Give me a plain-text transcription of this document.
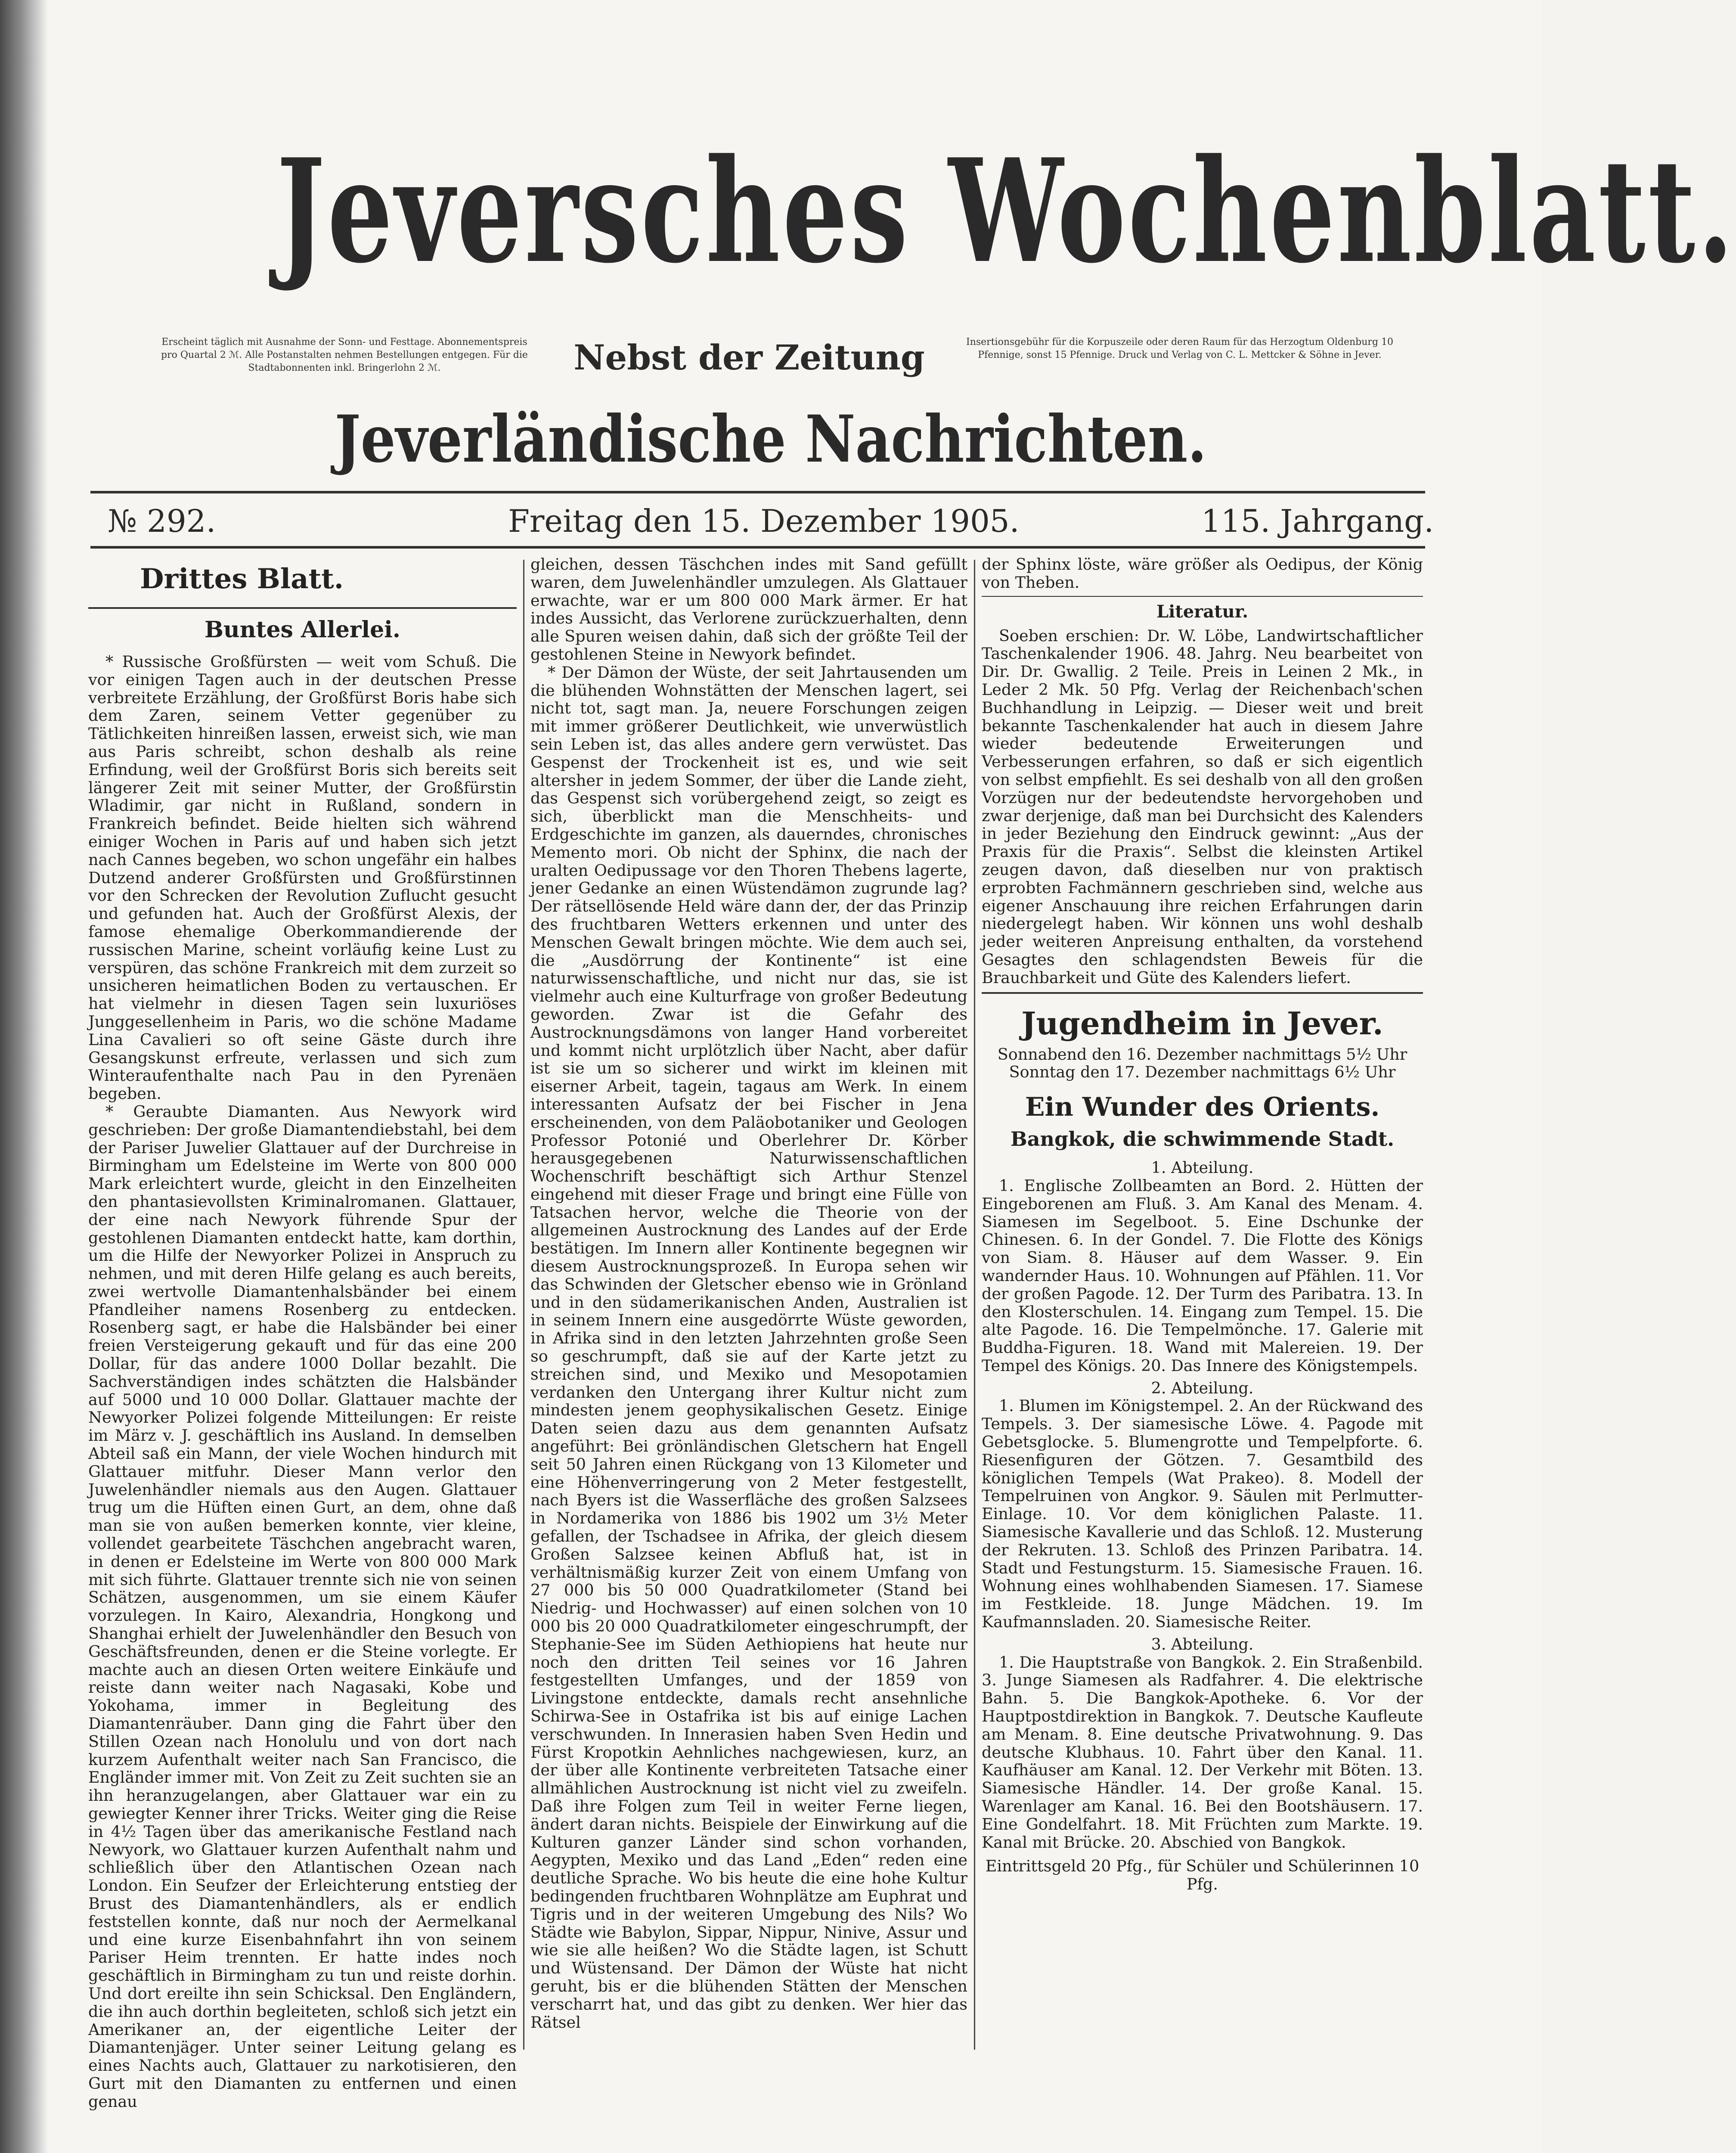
Jeversches Wochenblatt.
Erscheint täglich mit Ausnahme der Sonn- und Festtage. Abonnementspreis pro Quartal 2 ℳ. Alle Postanstalten nehmen Bestellungen entgegen. Für die Stadtabonnenten inkl. Bringerlohn 2 ℳ.	Nebst der Zeitung	Insertionsgebühr für die Korpuszeile oder deren Raum für das Herzogtum Oldenburg 10 Pfennige, sonst 15 Pfennige. Druck und Verlag von C. L. Mettcker & Söhne in Jever.
Jeverländische Nachrichten.
№ 292.	Freitag den 15. Dezember 1905.	115. Jahrgang.
Drittes Blatt.
Buntes Allerlei.

* Russische Großfürsten — weit vom Schuß. Die vor einigen Tagen auch in der deutschen Presse verbreitete Erzählung, der Großfürst Boris habe sich dem Zaren, seinem Vetter gegenüber zu Tätlichkeiten hinreißen lassen, erweist sich, wie man aus Paris schreibt, schon deshalb als reine Erfindung, weil der Großfürst Boris sich bereits seit längerer Zeit mit seiner Mutter, der Großfürstin Wladimir, gar nicht in Rußland, sondern in Frankreich befindet. Beide hielten sich während einiger Wochen in Paris auf und haben sich jetzt nach Cannes begeben, wo schon ungefähr ein halbes Dutzend anderer Großfürsten und Großfürstinnen vor den Schrecken der Revolution Zuflucht gesucht und gefunden hat. Auch der Großfürst Alexis, der famose ehemalige Oberkommandierende der russischen Marine, scheint vorläufig keine Lust zu verspüren, das schöne Frankreich mit dem zurzeit so unsicheren heimatlichen Boden zu vertauschen. Er hat vielmehr in diesen Tagen sein luxuriöses Junggesellenheim in Paris, wo die schöne Madame Lina Cavalieri so oft seine Gäste durch ihre Gesangskunst erfreute, verlassen und sich zum Winteraufenthalte nach Pau in den Pyrenäen begeben.

* Geraubte Diamanten. Aus Newyork wird geschrieben: Der große Diamantendiebstahl, bei dem der Pariser Juwelier Glattauer auf der Durchreise in Birmingham um Edelsteine im Werte von 800 000 Mark erleichtert wurde, gleicht in den Einzelheiten den phantasievollsten Kriminalromanen. Glattauer, der eine nach Newyork führende Spur der gestohlenen Diamanten entdeckt hatte, kam dorthin, um die Hilfe der Newyorker Polizei in Anspruch zu nehmen, und mit deren Hilfe gelang es auch bereits, zwei wertvolle Diamantenhalsbänder bei einem Pfandleiher namens Rosenberg zu entdecken. Rosenberg sagt, er habe die Halsbänder bei einer freien Versteigerung gekauft und für das eine 200 Dollar, für das andere 1000 Dollar bezahlt. Die Sachverständigen indes schätzten die Halsbänder auf 5000 und 10 000 Dollar. Glattauer machte der Newyorker Polizei folgende Mitteilungen: Er reiste im März v. J. geschäftlich ins Ausland. In demselben Abteil saß ein Mann, der viele Wochen hindurch mit Glattauer mitfuhr. Dieser Mann verlor den Juwelenhändler niemals aus den Augen. Glattauer trug um die Hüften einen Gurt, an dem, ohne daß man sie von außen bemerken konnte, vier kleine, vollendet gearbeitete Täschchen angebracht waren, in denen er Edelsteine im Werte von 800 000 Mark mit sich führte. Glattauer trennte sich nie von seinen Schätzen, ausgenommen, um sie einem Käufer vorzulegen. In Kairo, Alexandria, Hongkong und Shanghai erhielt der Juwelenhändler den Besuch von Geschäftsfreunden, denen er die Steine vorlegte. Er machte auch an diesen Orten weitere Einkäufe und reiste dann weiter nach Nagasaki, Kobe und Yokohama, immer in Begleitung des Diamantenräuber. Dann ging die Fahrt über den Stillen Ozean nach Honolulu und von dort nach kurzem Aufenthalt weiter nach San Francisco, die Engländer immer mit. Von Zeit zu Zeit suchten sie an ihn heranzugelangen, aber Glattauer war ein zu gewiegter Kenner ihrer Tricks. Weiter ging die Reise in 4½ Tagen über das amerikanische Festland nach Newyork, wo Glattauer kurzen Aufenthalt nahm und schließlich über den Atlantischen Ozean nach London. Ein Seufzer der Erleichterung entstieg der Brust des Diamantenhändlers, als er endlich feststellen konnte, daß nur noch der Aermelkanal und eine kurze Eisenbahnfahrt ihn von seinem Pariser Heim trennten. Er hatte indes noch geschäftlich in Birmingham zu tun und reiste dorhin. Und dort ereilte ihn sein Schicksal. Den Engländern, die ihn auch dorthin begleiteten, schloß sich jetzt ein Amerikaner an, der eigentliche Leiter der Diamantenjäger. Unter seiner Leitung gelang es eines Nachts auch, Glattauer zu narkotisieren, den Gurt mit den Diamanten zu entfernen und einen genau

gleichen, dessen Täschchen indes mit Sand gefüllt waren, dem Juwelenhändler umzulegen. Als Glattauer erwachte, war er um 800 000 Mark ärmer. Er hat indes Aussicht, das Verlorene zurückzuerhalten, denn alle Spuren weisen dahin, daß sich der größte Teil der gestohlenen Steine in Newyork befindet.

* Der Dämon der Wüste, der seit Jahrtausenden um die blühenden Wohnstätten der Menschen lagert, sei nicht tot, sagt man. Ja, neuere Forschungen zeigen mit immer größerer Deutlichkeit, wie unverwüstlich sein Leben ist, das alles andere gern verwüstet. Das Gespenst der Trockenheit ist es, und wie seit altersher in jedem Sommer, der über die Lande zieht, das Gespenst sich vorübergehend zeigt, so zeigt es sich, überblickt man die Menschheits- und Erdgeschichte im ganzen, als dauerndes, chronisches Memento mori. Ob nicht der Sphinx, die nach der uralten Oedipussage vor den Thoren Thebens lagerte, jener Gedanke an einen Wüstendämon zugrunde lag? Der rätsellösende Held wäre dann der, der das Prinzip des fruchtbaren Wetters erkennen und unter des Menschen Gewalt bringen möchte. Wie dem auch sei, die „Ausdörrung der Kontinente“ ist eine naturwissenschaftliche, und nicht nur das, sie ist vielmehr auch eine Kulturfrage von großer Bedeutung geworden. Zwar ist die Gefahr des Austrocknungsdämons von langer Hand vorbereitet und kommt nicht urplötzlich über Nacht, aber dafür ist sie um so sicherer und wirkt im kleinen mit eiserner Arbeit, tagein, tagaus am Werk. In einem interessanten Aufsatz der bei Fischer in Jena erscheinenden, von dem Paläobotaniker und Geologen Professor Potonié und Oberlehrer Dr. Körber herausgegebenen Naturwissenschaftlichen Wochenschrift beschäftigt sich Arthur Stenzel eingehend mit dieser Frage und bringt eine Fülle von Tatsachen hervor, welche die Theorie von der allgemeinen Austrocknung des Landes auf der Erde bestätigen. Im Innern aller Kontinente begegnen wir diesem Austrocknungsprozeß. In Europa sehen wir das Schwinden der Gletscher ebenso wie in Grönland und in den südamerikanischen Anden, Australien ist in seinem Innern eine ausgedörrte Wüste geworden, in Afrika sind in den letzten Jahrzehnten große Seen so geschrumpft, daß sie auf der Karte jetzt zu streichen sind, und Mexiko und Mesopotamien verdanken den Untergang ihrer Kultur nicht zum mindesten jenem geophysikalischen Gesetz. Einige Daten seien dazu aus dem genannten Aufsatz angeführt: Bei grönländischen Gletschern hat Engell seit 50 Jahren einen Rückgang von 13 Kilometer und eine Höhenverringerung von 2 Meter festgestellt, nach Byers ist die Wasserfläche des großen Salzsees in Nordamerika von 1886 bis 1902 um 3½ Meter gefallen, der Tschadsee in Afrika, der gleich diesem Großen Salzsee keinen Abfluß hat, ist in verhältnismäßig kurzer Zeit von einem Umfang von 27 000 bis 50 000 Quadratkilometer (Stand bei Niedrig- und Hochwasser) auf einen solchen von 10 000 bis 20 000 Quadratkilometer eingeschrumpft, der Stephanie-See im Süden Aethiopiens hat heute nur noch den dritten Teil seines vor 16 Jahren festgestellten Umfanges, und der 1859 von Livingstone entdeckte, damals recht ansehnliche Schirwa-See in Ostafrika ist bis auf einige Lachen verschwunden. In Innerasien haben Sven Hedin und Fürst Kropotkin Aehnliches nachgewiesen, kurz, an der über alle Kontinente verbreiteten Tatsache einer allmählichen Austrocknung ist nicht viel zu zweifeln. Daß ihre Folgen zum Teil in weiter Ferne liegen, ändert daran nichts. Beispiele der Einwirkung auf die Kulturen ganzer Länder sind schon vorhanden, Aegypten, Mexiko und das Land „Eden“ reden eine deutliche Sprache. Wo bis heute die eine hohe Kultur bedingenden fruchtbaren Wohnplätze am Euphrat und Tigris und in der weiteren Umgebung des Nils? Wo Städte wie Babylon, Sippar, Nippur, Ninive, Assur und wie sie alle heißen? Wo die Städte lagen, ist Schutt und Wüstensand. Der Dämon der Wüste hat nicht geruht, bis er die blühenden Stätten der Menschen verscharrt hat, und das gibt zu denken. Wer hier das Rätsel

der Sphinx löste, wäre größer als Oedipus, der König von Theben.

Literatur.

Soeben erschien: Dr. W. Löbe, Landwirtschaftlicher Taschenkalender 1906. 48. Jahrg. Neu bearbeitet von Dir. Dr. Gwallig. 2 Teile. Preis in Leinen 2 Mk., in Leder 2 Mk. 50 Pfg. Verlag der Reichenbach'schen Buchhandlung in Leipzig. — Dieser weit und breit bekannte Taschenkalender hat auch in diesem Jahre wieder bedeutende Erweiterungen und Verbesserungen erfahren, so daß er sich eigentlich von selbst empfiehlt. Es sei deshalb von all den großen Vorzügen nur der bedeutendste hervorgehoben und zwar derjenige, daß man bei Durchsicht des Kalenders in jeder Beziehung den Eindruck gewinnt: „Aus der Praxis für die Praxis“. Selbst die kleinsten Artikel zeugen davon, daß dieselben nur von praktisch erprobten Fachmännern geschrieben sind, welche aus eigener Anschauung ihre reichen Erfahrungen darin niedergelegt haben. Wir können uns wohl deshalb jeder weiteren Anpreisung enthalten, da vorstehend Gesagtes den schlagendsten Beweis für die Brauchbarkeit und Güte des Kalenders liefert.

Jugendheim in Jever.

Sonnabend den 16. Dezember nachmittags 5½ Uhr

Sonntag den 17. Dezember nachmittags 6½ Uhr

Ein Wunder des Orients.
Bangkok, die schwimmende Stadt.

1. Abteilung.

1. Englische Zollbeamten an Bord. 2. Hütten der Eingeborenen am Fluß. 3. Am Kanal des Menam. 4. Siamesen im Segelboot. 5. Eine Dschunke der Chinesen. 6. In der Gondel. 7. Die Flotte des Königs von Siam. 8. Häuser auf dem Wasser. 9. Ein wandernder Haus. 10. Wohnungen auf Pfählen. 11. Vor der großen Pagode. 12. Der Turm des Paribatra. 13. In den Klosterschulen. 14. Eingang zum Tempel. 15. Die alte Pagode. 16. Die Tempelmönche. 17. Galerie mit Buddha-Figuren. 18. Wand mit Malereien. 19. Der Tempel des Königs. 20. Das Innere des Königstempels.

2. Abteilung.

1. Blumen im Königstempel. 2. An der Rückwand des Tempels. 3. Der siamesische Löwe. 4. Pagode mit Gebetsglocke. 5. Blumengrotte und Tempelpforte. 6. Riesenfiguren der Götzen. 7. Gesamtbild des königlichen Tempels (Wat Prakeo). 8. Modell der Tempelruinen von Angkor. 9. Säulen mit Perlmutter-Einlage. 10. Vor dem königlichen Palaste. 11. Siamesische Kavallerie und das Schloß. 12. Musterung der Rekruten. 13. Schloß des Prinzen Paribatra. 14. Stadt und Festungsturm. 15. Siamesische Frauen. 16. Wohnung eines wohlhabenden Siamesen. 17. Siamese im Festkleide. 18. Junge Mädchen. 19. Im Kaufmannsladen. 20. Siamesische Reiter.

3. Abteilung.

1. Die Hauptstraße von Bangkok. 2. Ein Straßenbild. 3. Junge Siamesen als Radfahrer. 4. Die elektrische Bahn. 5. Die Bangkok-Apotheke. 6. Vor der Hauptpostdirektion in Bangkok. 7. Deutsche Kaufleute am Menam. 8. Eine deutsche Privatwohnung. 9. Das deutsche Klubhaus. 10. Fahrt über den Kanal. 11. Kaufhäuser am Kanal. 12. Der Verkehr mit Böten. 13. Siamesische Händler. 14. Der große Kanal. 15. Warenlager am Kanal. 16. Bei den Bootshäusern. 17. Eine Gondelfahrt. 18. Mit Früchten zum Markte. 19. Kanal mit Brücke. 20. Abschied von Bangkok.

Eintrittsgeld 20 Pfg., für Schüler und Schülerinnen 10 Pfg.
